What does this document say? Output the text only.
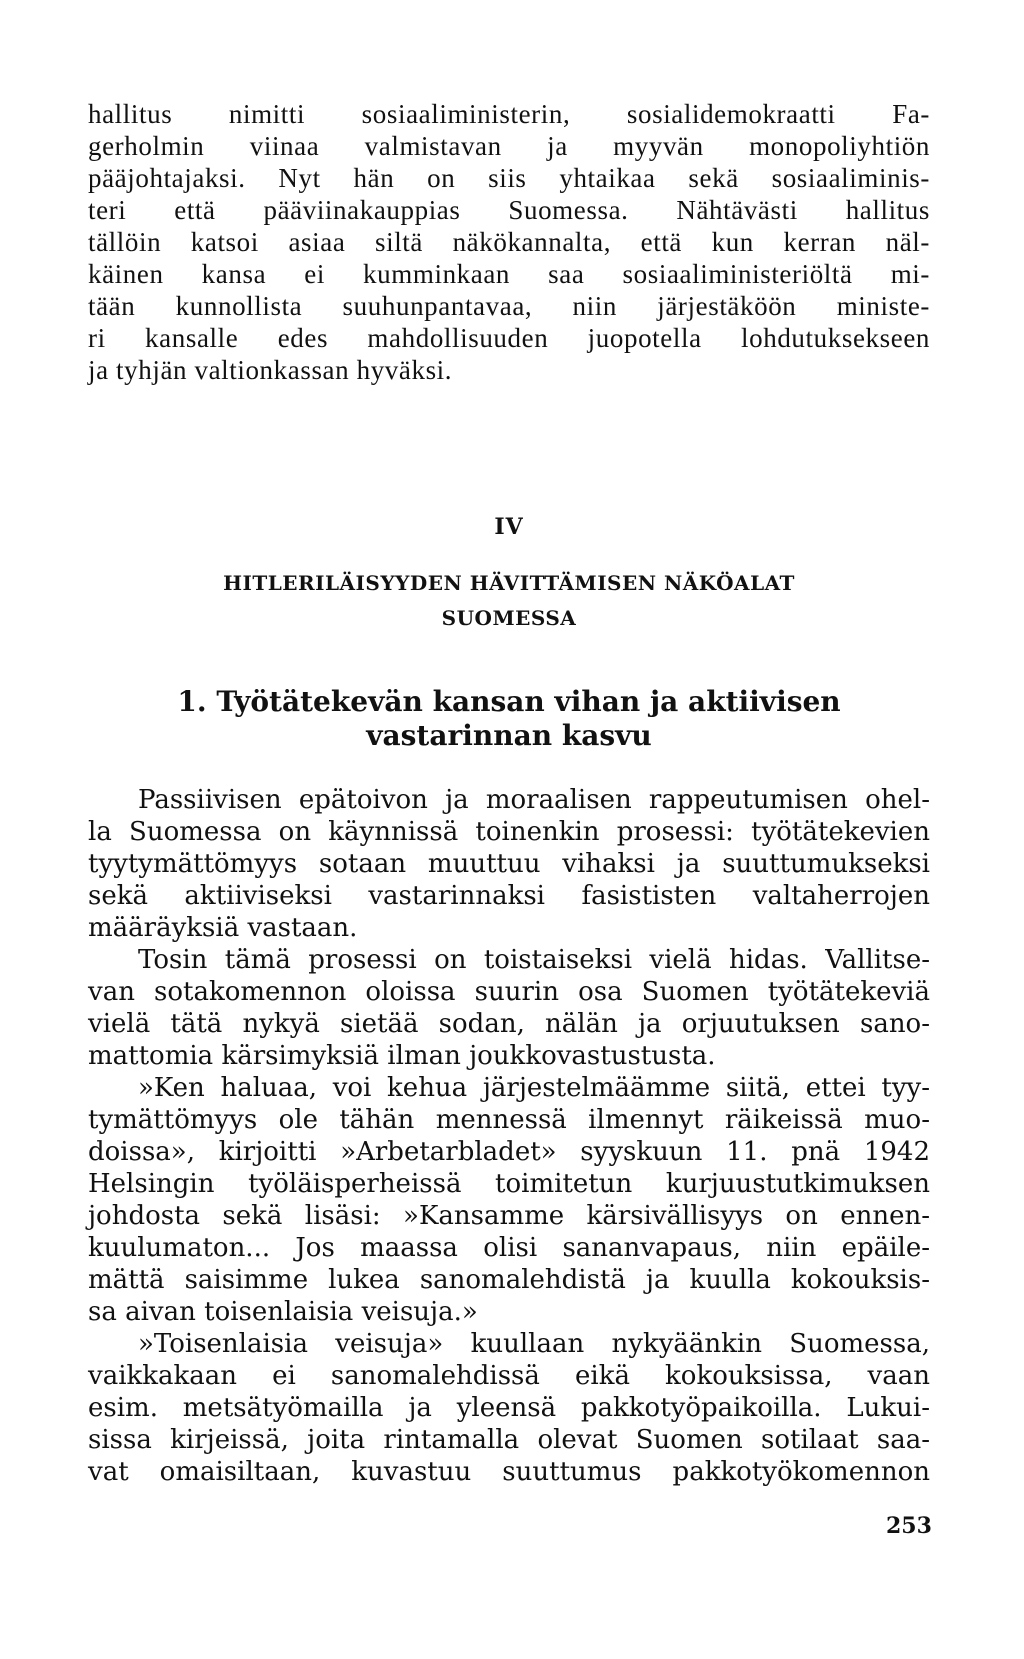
hallitus nimitti sosiaaliministerin, sosialidemokraatti Fa-

gerholmin viinaa valmistavan ja myyvän monopoliyhtiön

pääjohtajaksi. Nyt hän on siis yhtaikaa sekä sosiaaliminis-

teri että pääviinakauppias Suomessa. Nähtävästi hallitus

tällöin katsoi asiaa siltä näkökannalta, että kun kerran näl-

käinen kansa ei kumminkaan saa sosiaaliministeriöltä mi-

tään kunnollista suuhunpantavaa, niin järjestäköön ministe-

ri kansalle edes mahdollisuuden juopotella lohdutuksekseen

ja tyhjän valtionkassan hyväksi.

IV

HITLERILÄISYYDEN HÄVITTÄMISEN NÄKÖALAT

SUOMESSA

1. Työtätekevän kansan vihan ja aktiivisen

vastarinnan kasvu

Passiivisen epätoivon ja moraalisen rappeutumisen ohel-

la Suomessa on käynnissä toinenkin prosessi: työtätekevien

tyytymättömyys sotaan muuttuu vihaksi ja suuttumukseksi

sekä aktiiviseksi vastarinnaksi fasististen valtaherrojen

määräyksiä vastaan.

Tosin tämä prosessi on toistaiseksi vielä hidas. Vallitse-

van sotakomennon oloissa suurin osa Suomen työtätekeviä

vielä tätä nykyä sietää sodan, nälän ja orjuutuksen sano-

mattomia kärsimyksiä ilman joukkovastustusta.

»Ken haluaa, voi kehua järjestelmäämme siitä, ettei tyy-

tymättömyys ole tähän mennessä ilmennyt räikeissä muo-

doissa», kirjoitti »Arbetarbladet» syyskuun 11. pnä 1942

Helsingin työläisperheissä toimitetun kurjuustutkimuksen

johdosta sekä lisäsi: »Kansamme kärsivällisyys on ennen-

kuulumaton... Jos maassa olisi sananvapaus, niin epäile-

mättä saisimme lukea sanomalehdistä ja kuulla kokouksis-

sa aivan toisenlaisia veisuja.»

»Toisenlaisia veisuja» kuullaan nykyäänkin Suomessa,

vaikkakaan ei sanomalehdissä eikä kokouksissa, vaan

esim. metsätyömailla ja yleensä pakkotyöpaikoilla. Lukui-

sissa kirjeissä, joita rintamalla olevat Suomen sotilaat saa-

vat omaisiltaan, kuvastuu suuttumus pakkotyökomennon

253
